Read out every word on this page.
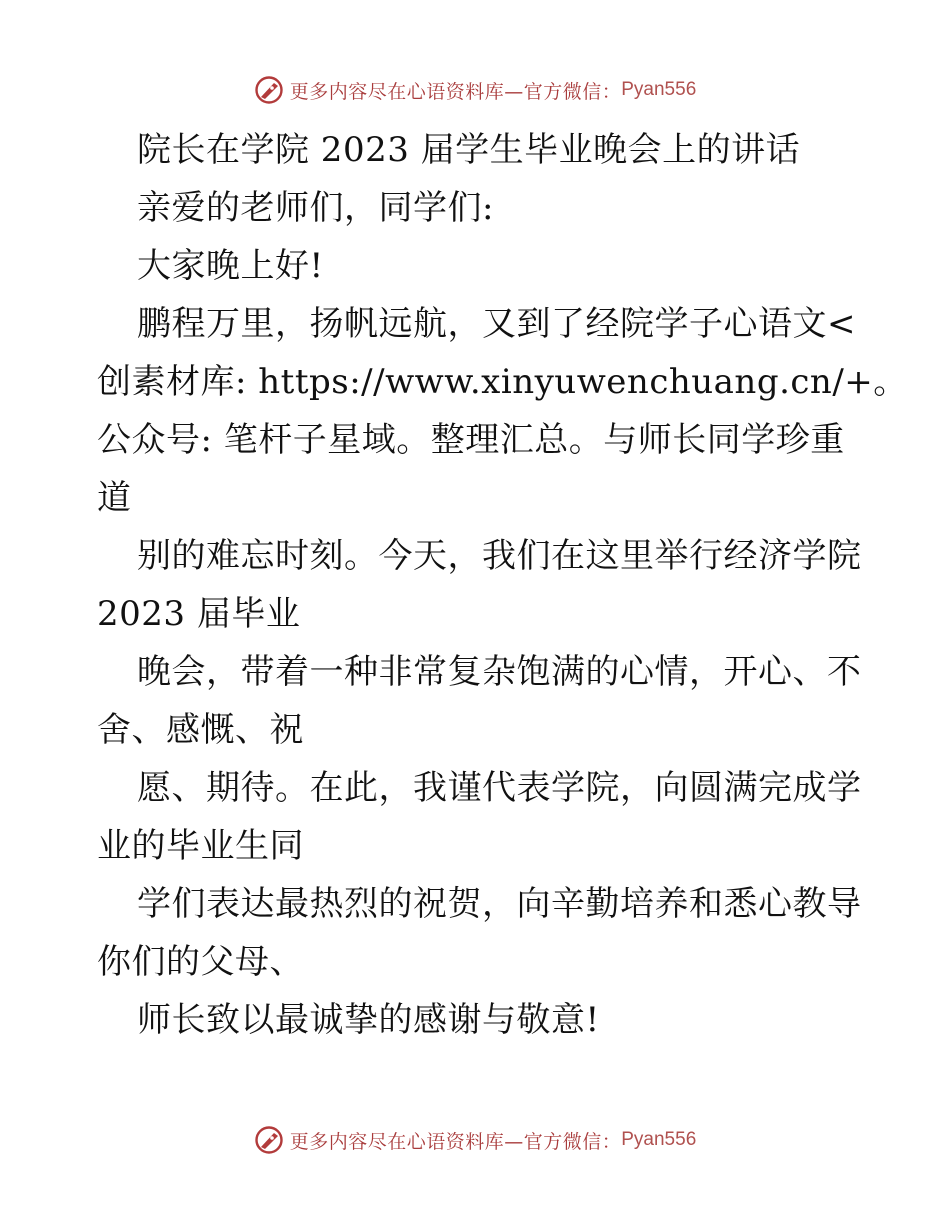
更多内容尽在心语资料库—官方微信： Pyan556
院长在学院 2023 届学生毕业晚会上的讲话
亲爱的老师们，同学们:
大家晚上好!
鹏程万里，扬帆远航，又到了经院学子心语文<
创素材库: https://www.xinyuwenchuang.cn/+。
公众号: 笔杆子星域。整理汇总。与师长同学珍重
道
别的难忘时刻。今天，我们在这里举行经济学院
2023 届毕业
晚会，带着一种非常复杂饱满的心情，开心、不
舍、感慨、祝
愿、期待。在此，我谨代表学院，向圆满完成学
业的毕业生同
学们表达最热烈的祝贺，向辛勤培养和悉心教导
你们的父母、
师长致以最诚挚的感谢与敬意!
更多内容尽在心语资料库—官方微信： Pyan556
